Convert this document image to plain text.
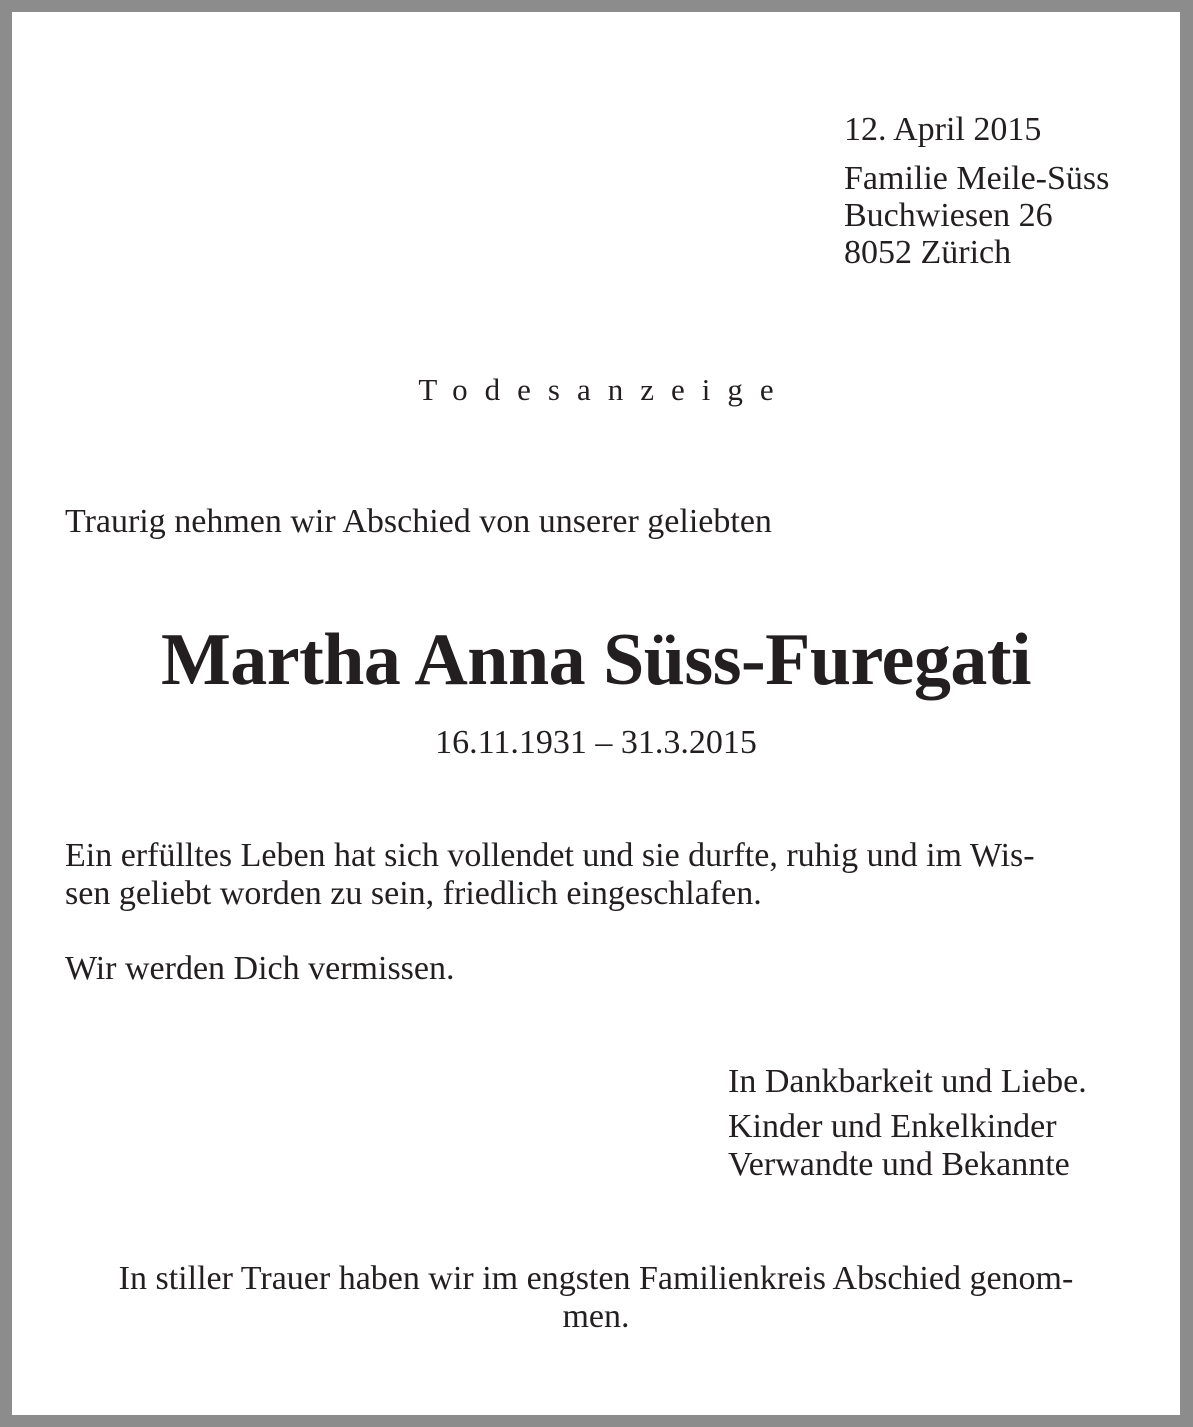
12. April 2015
Familie Meile-Süss
Buchwiesen 26
8052 Zürich
Todesanzeige
Traurig nehmen wir Abschied von unserer geliebten
Martha Anna Süss-Furegati
16.11.1931 – 31.3.2015
Ein erfülltes Leben hat sich vollendet und sie durfte, ruhig und im Wis-
sen geliebt worden zu sein, friedlich eingeschlafen.
Wir werden Dich vermissen.
In Dankbarkeit und Liebe.
Kinder und Enkelkinder
Verwandte und Bekannte
In stiller Trauer haben wir im engsten Familienkreis Abschied genom-
men.
